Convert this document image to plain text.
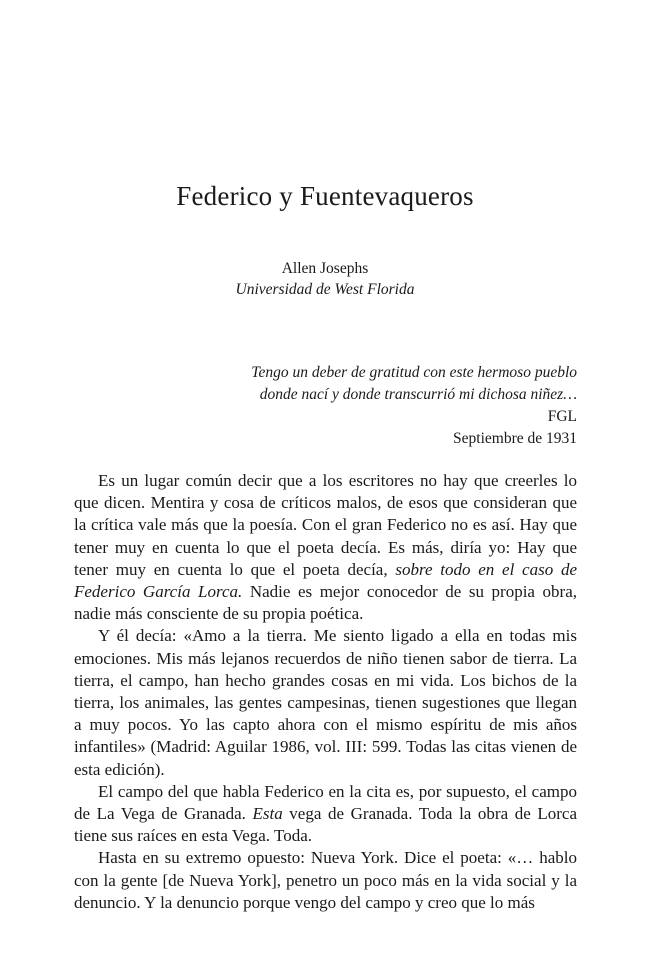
Federico y Fuentevaqueros
Allen Josephs
Universidad de West Florida
Tengo un deber de gratitud con este hermoso pueblo
donde nací y donde transcurrió mi dichosa niñez…
FGL
Septiembre de 1931

Es un lugar común decir que a los escritores no hay que creerles lo que dicen. Mentira y cosa de críticos malos, de esos que consideran que la crítica vale más que la poesía. Con el gran Federico no es así. Hay que tener muy en cuenta lo que el poeta decía. Es más, diría yo: Hay que tener muy en cuenta lo que el poeta decía, sobre todo en el caso de Federico García Lorca. Nadie es mejor conocedor de su propia obra, nadie más consciente de su propia poética.

Y él decía: «Amo a la tierra. Me siento ligado a ella en todas mis emociones. Mis más lejanos recuerdos de niño tienen sabor de tierra. La tierra, el campo, han hecho grandes cosas en mi vida. Los bichos de la tierra, los animales, las gentes campesinas, tienen sugestiones que llegan a muy pocos. Yo las capto ahora con el mismo espíritu de mis años infantiles» (Madrid: Aguilar 1986, vol. III: 599. Todas las citas vienen de esta edición).

El campo del que habla Federico en la cita es, por supuesto, el campo de La Vega de Granada. Esta vega de Granada. Toda la obra de Lorca tiene sus raíces en esta Vega. Toda.

Hasta en su extremo opuesto: Nueva York. Dice el poeta: «… hablo con la gente [de Nueva York], penetro un poco más en la vida social y la denuncio. Y la denuncio porque vengo del campo y creo que lo más
